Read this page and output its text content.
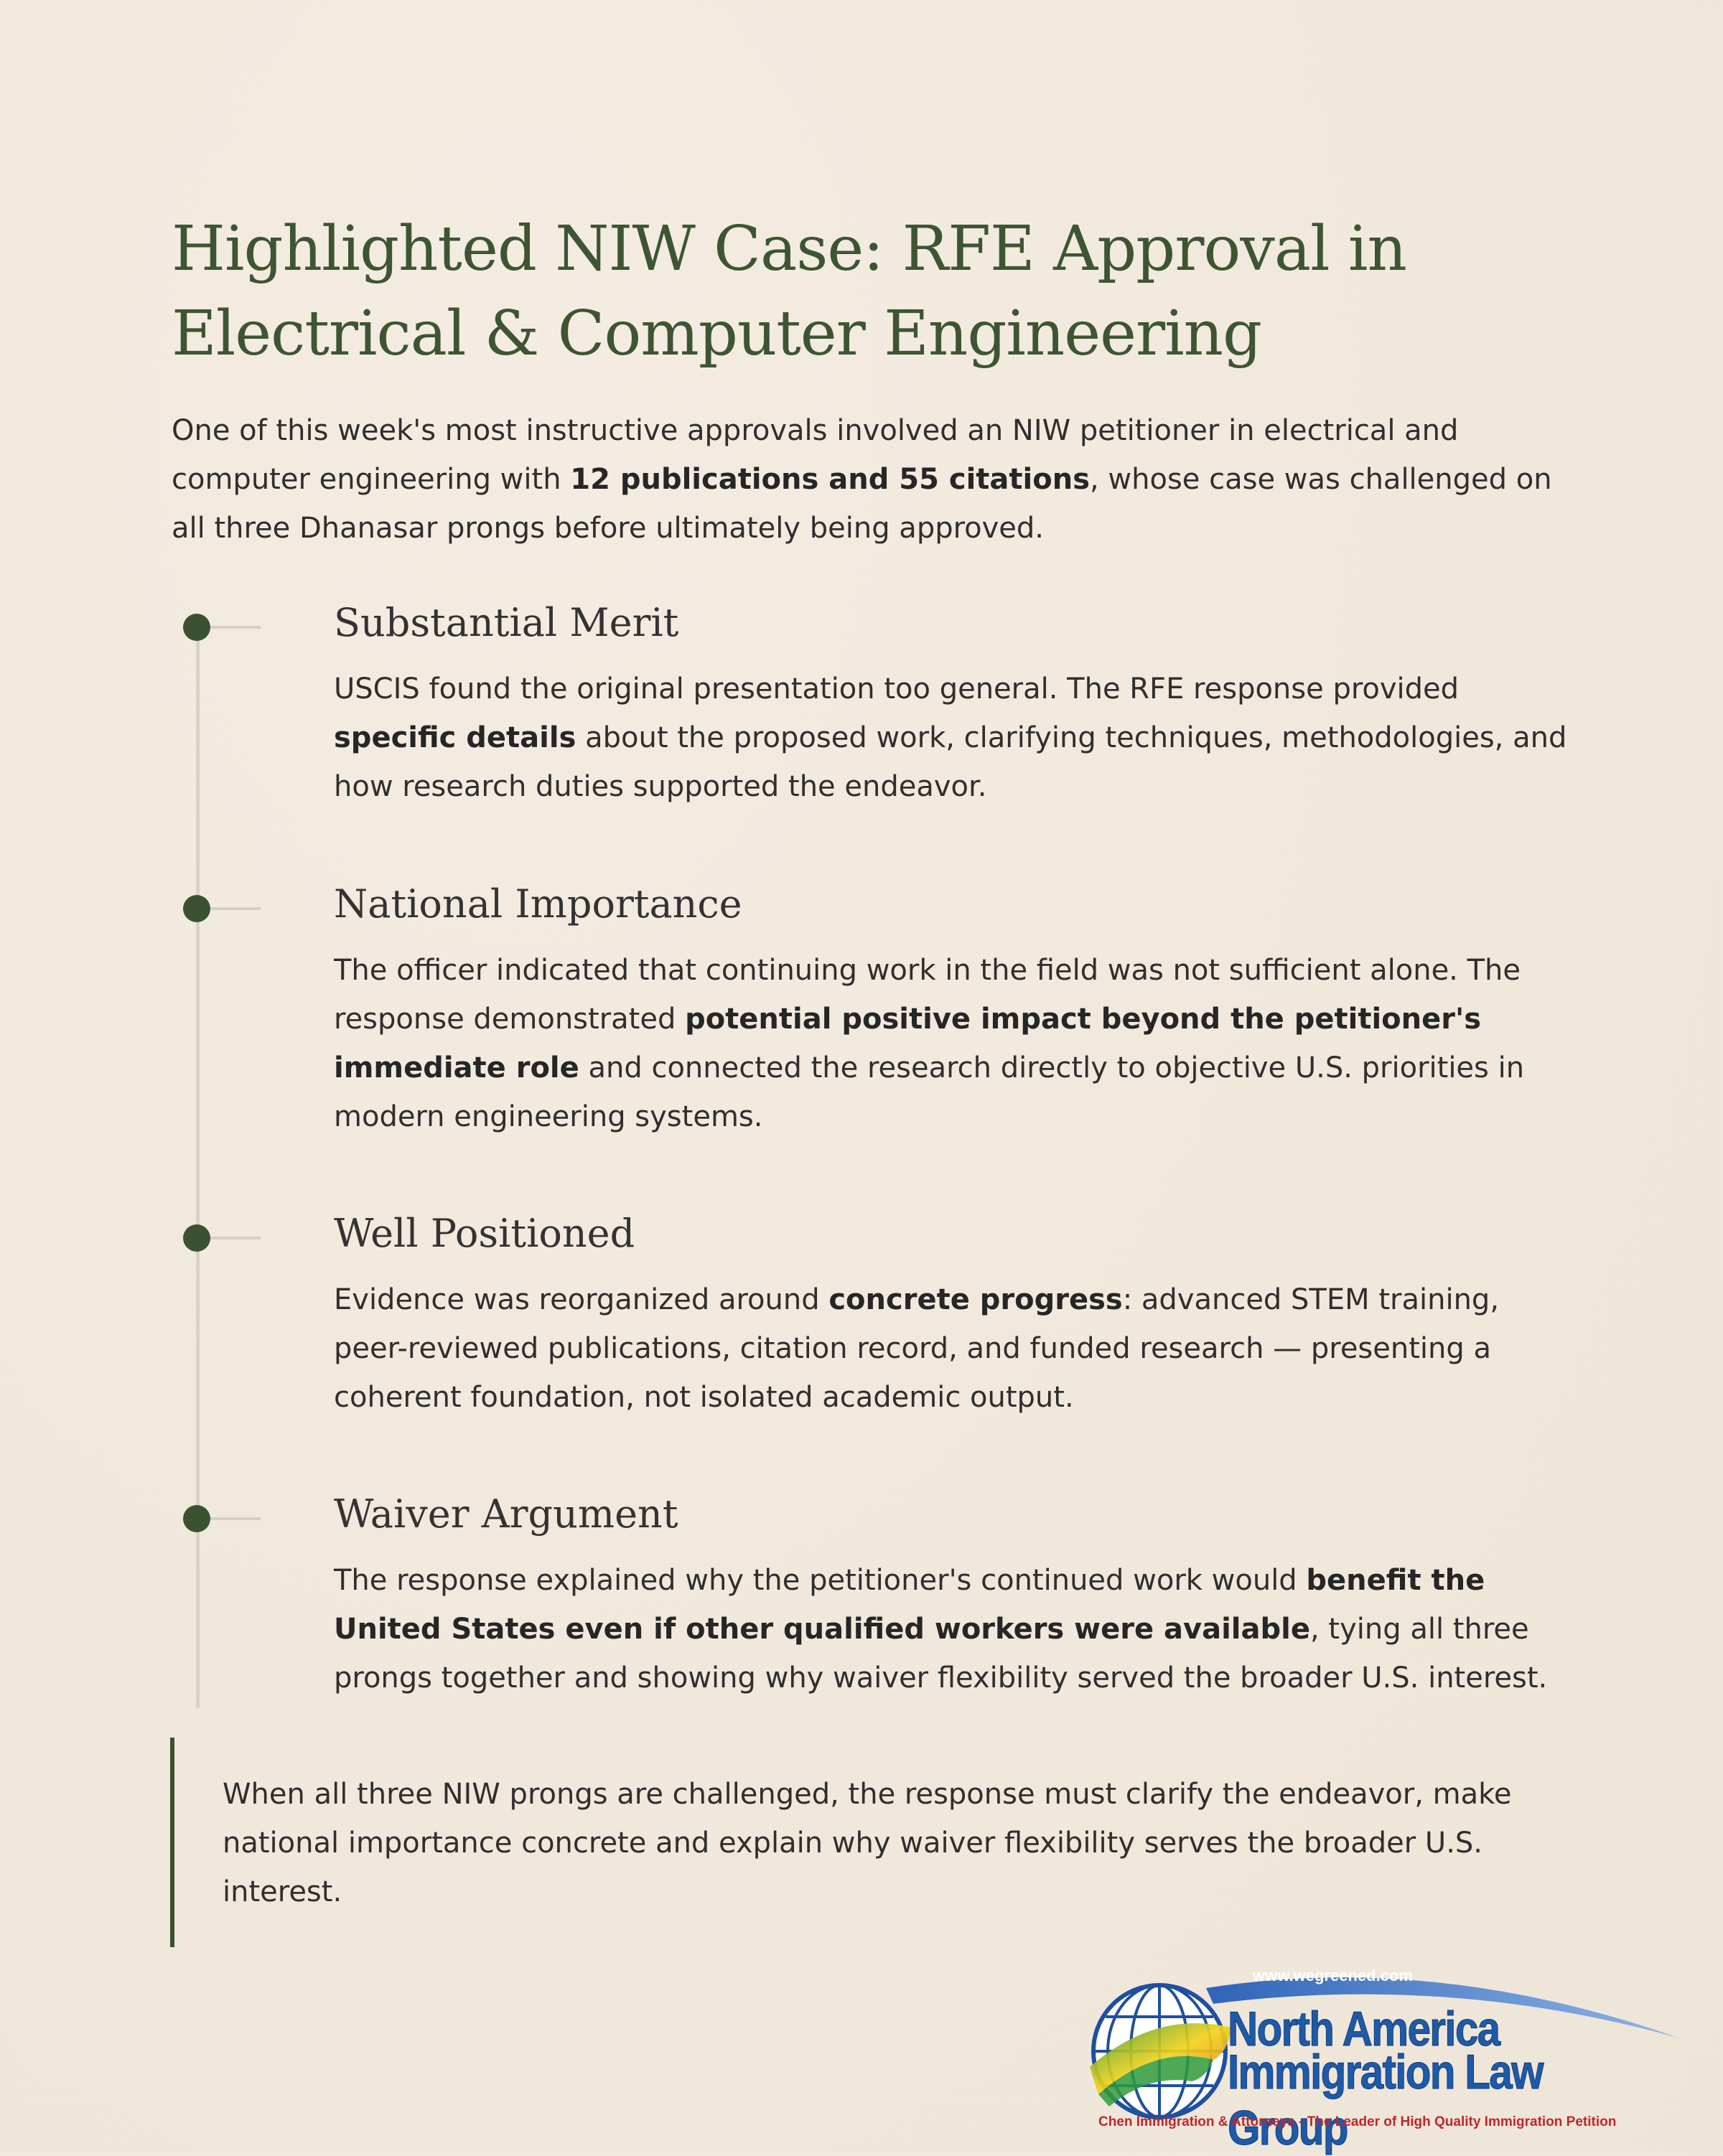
Highlighted NIW Case: RFE Approval in
Electrical & Computer Engineering

One of this week's most instructive approvals involved an NIW petitioner in electrical and computer engineering with 12 publications and 55 citations, whose case was challenged on all three Dhanasar prongs before ultimately being approved.

Substantial Merit

USCIS found the original presentation too general. The RFE response provided specific details about the proposed work, clarifying techniques, methodologies, and how research duties supported the endeavor.

National Importance

The officer indicated that continuing work in the field was not sufficient alone. The response demonstrated potential positive impact beyond the petitioner's immediate role and connected the research directly to objective U.S. priorities in modern engineering systems.

Well Positioned

Evidence was reorganized around concrete progress: advanced STEM training, peer-reviewed publications, citation record, and funded research — presenting a coherent foundation, not isolated academic output.

Waiver Argument

The response explained why the petitioner's continued work would benefit the United States even if other qualified workers were available, tying all three prongs together and showing why waiver flexibility served the broader U.S. interest.

When all three NIW prongs are challenged, the response must clarify the endeavor, make national importance concrete and explain why waiver flexibility serves the broader U.S. interest.

www.wegreened.com
North America
Immigration Law Group
Chen Immigration & Attorneys - The Leader of High Quality Immigration Petition
